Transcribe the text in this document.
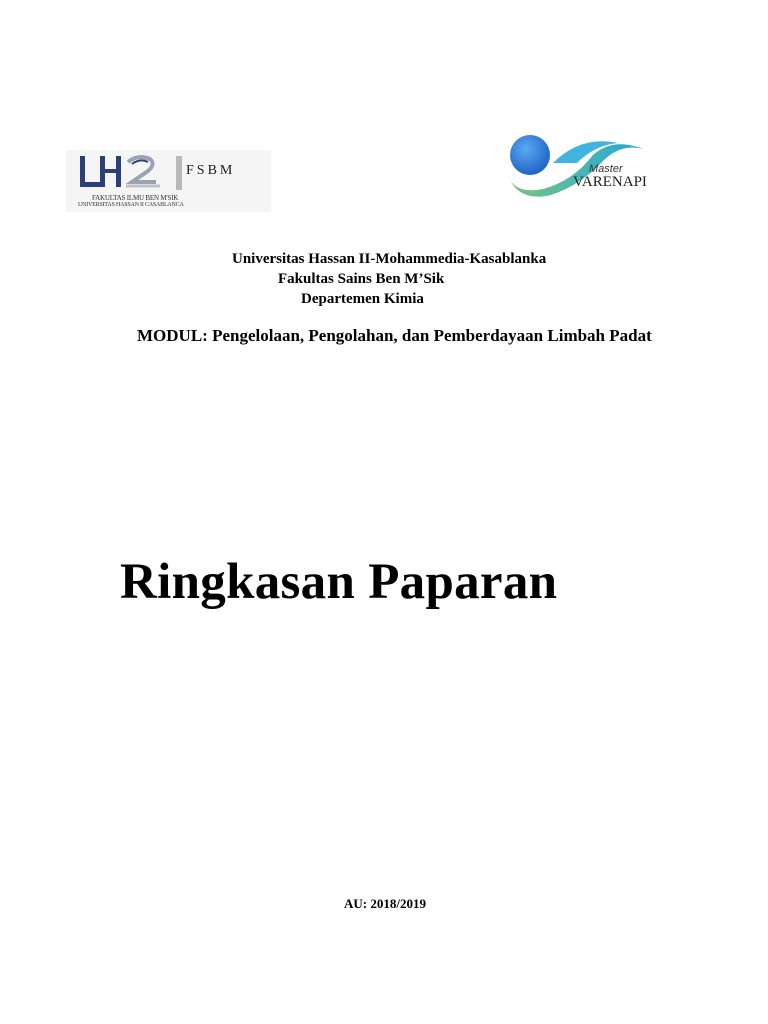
FSBM
FAKULTAS ILMU BEN M'SIK
UNIVERSITAS HASSAN II CASABLANCA
Master
VARENAPI
Universitas Hassan II-Mohammedia-Kasablanka
Fakultas Sains Ben M’Sik
Departemen Kimia
MODUL: Pengelolaan, Pengolahan, dan Pemberdayaan Limbah Padat
Ringkasan Paparan
AU: 2018/2019
